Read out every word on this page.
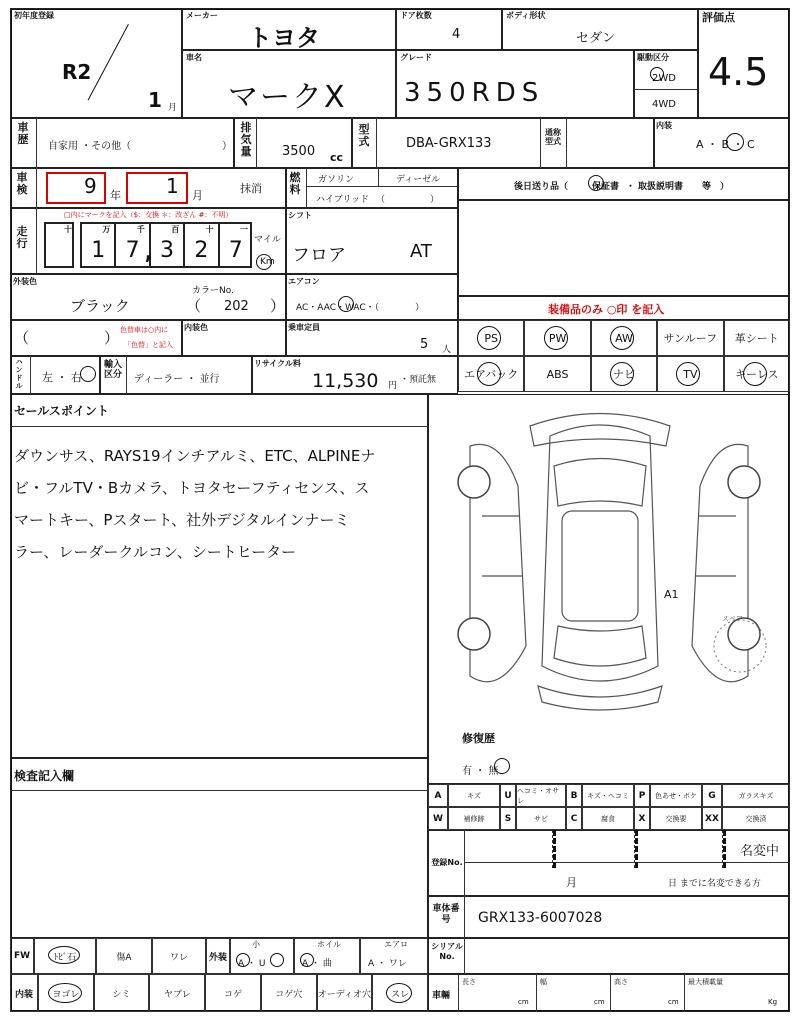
初年度登録
R2
1 月
メーカー
トヨタ
ドア枚数
4
ボディ形状
セダン
評価点
4.5
車名
マークX
グレード
350RDS
駆動区分
2WD
4WD
車歴
自家用 ・その他（	）
排気量 3500 cc
型式	DBA-GRX133
通称型式
内装
A ・ B ・ C
車検	9 年 1 月
抹消
燃料
ガソリン	ディーゼル
ハイブリッド （　　　　　）
後日送り品（	保証書 ・ 取扱説明書 等　）
走行
□内にマークを記入（$：交換 ＊：改ざん #：不明）
万
1
千
7
百
3
十
2
一
7
,
十
マイル
Km
シフト
フロア	AT
外装色
ブラック
カラーNo.
（ 202 ）
エアコン
AC・AAC・WAC・（　　　　）	装備品のみ ○印 を記入
PS	PW	AW	サンルーフ	革シート
エアバック	ABS	ナビ	TV	キーレス
（　　　　　） 色替車は○内に
「色替」と記入
内装色	乗車定員
5 人
ハンドル
左 ・ 右
輸入区分 ディーラー ・ 並行
リサイクル料
11,530 円
・預託無
セールスポイント
ダウンサス、RAYS19インチアルミ、ETC、ALPINEナ
ビ・フルTV・Bカメラ、トヨタセーフティセンス、ス
マートキー、Pスタート、社外デジタルインナーミ
ラー、レーダークルコン、シートヒーター
A1
スペア
修復歴
有 ・ 無
A	キズ	U ヘコミ・オサレ	B	キズ・ヘコミ	P	色あせ・ボケ	G	ガラスキズ
W	補修跡	S	サビ	C	腐食	X	交換要	XX	交換済
検査記入欄
登録No.
名変中
月	日 までに名変できる方
車体番号	GRX133-6007028
FW	ﾄﾋﾞ石	傷A	ワレ	外装
小
A ・ U
ホイル
A ・ 曲
エアロ
A ・ ワレ
シリアルNo.
内装	ヨゴレ	シミ	ヤブレ	コゲ	コゲ穴	オーディオ穴	スレ	車輛
長さ
cm
幅
cm
高さ
cm
最大積載量
Kg
